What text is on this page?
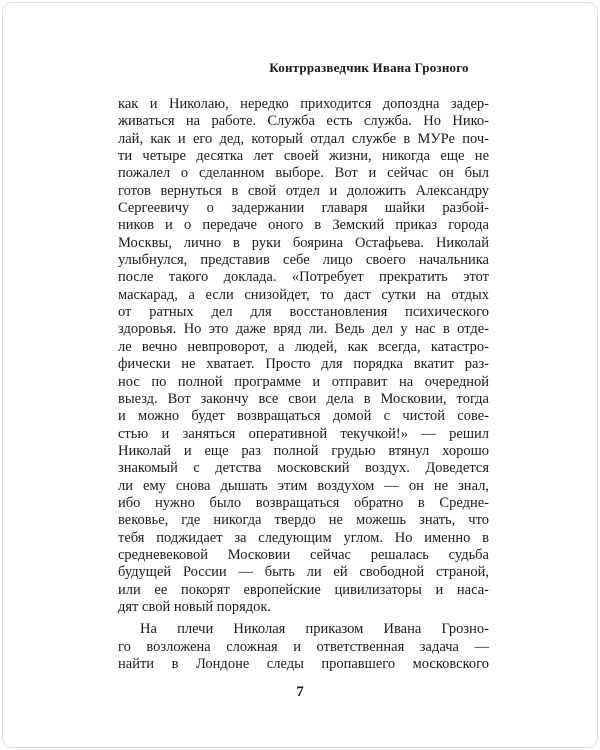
Контрразведчик Ивана Грозного
как и Николаю, нередко приходится допоздна задер-
живаться на работе. Служба есть служба. Но Нико-
лай, как и его дед, который отдал службе в МУРе поч-
ти четыре десятка лет своей жизни, никогда еще не
пожалел о сделанном выборе. Вот и сейчас он был
готов вернуться в свой отдел и доложить Александру
Сергеевичу о задержании главаря шайки разбой-
ников и о передаче оного в Земский приказ города
Москвы, лично в руки боярина Остафьева. Николай
улыбнулся, представив себе лицо своего начальника
после такого доклада. «Потребует прекратить этот
маскарад, а если снизойдет, то даст сутки на отдых
от ратных дел для восстановления психического
здоровья. Но это даже вряд ли. Ведь дел у нас в отде-
ле вечно невпроворот, а людей, как всегда, катастро-
фически не хватает. Просто для порядка вкатит раз-
нос по полной программе и отправит на очередной
выезд. Вот закончу все свои дела в Московии, тогда
и можно будет возвращаться домой с чистой сове-
стью и заняться оперативной текучкой!» — решил
Николай и еще раз полной грудью втянул хорошо
знакомый с детства московский воздух. Доведется
ли ему снова дышать этим воздухом — он не знал,
ибо нужно было возвращаться обратно в Средне-
вековье, где никогда твердо не можешь знать, что
тебя поджидает за следующим углом. Но именно в
средневековой Московии сейчас решалась судьба
будущей России — быть ли ей свободной страной,
или ее покорят европейские цивилизаторы и наса-
дят свой новый порядок.
На плечи Николая приказом Ивана Грозно-
го возложена сложная и ответственная задача —
найти в Лондоне следы пропавшего московского
7
